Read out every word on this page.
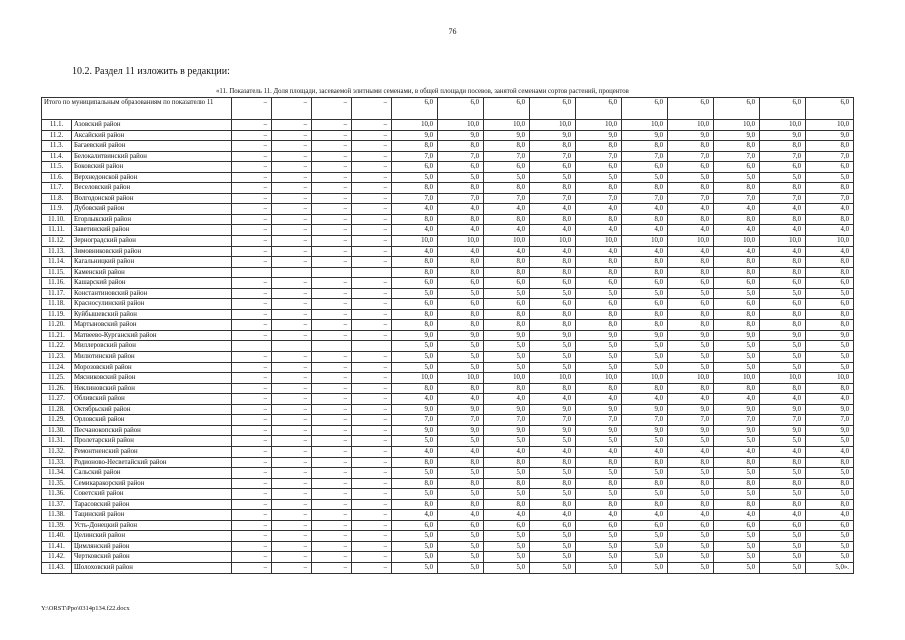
76
10.2. Раздел 11 изложить в редакции:
«11. Показатель 11. Доля площади, засеваемой элитными семенами, в общей площади посевов, занятой семенами сортов растений, процентов
Итого по муниципальным образованиям по показателю 11		–	–	–	–	6,0	6,0	6,0	6,0	6,0	6,0	6,0	6,0	6,0	6,0
11.1.	Азовский район	–	–	–	–	10,0	10,0	10,0	10,0	10,0	10,0	10,0	10,0	10,0	10,0
11.2.	Аксайский район	–	–	–	–	9,0	9,0	9,0	9,0	9,0	9,0	9,0	9,0	9,0	9,0
11.3.	Багаевский район	–	–	–	–	8,0	8,0	8,0	8,0	8,0	8,0	8,0	8,0	8,0	8,0
11.4.	Белокалитвинский район	–	–	–	–	7,0	7,0	7,0	7,0	7,0	7,0	7,0	7,0	7,0	7,0
11.5.	Боковский район	–	–	–	–	6,0	6,0	6,0	6,0	6,0	6,0	6,0	6,0	6,0	6,0
11.6.	Верхнедонской район	–	–	–	–	5,0	5,0	5,0	5,0	5,0	5,0	5,0	5,0	5,0	5,0
11.7.	Веселовский район	–	–	–	–	8,0	8,0	8,0	8,0	8,0	8,0	8,0	8,0	8,0	8,0
11.8.	Волгодонской район	–	–	–	–	7,0	7,0	7,0	7,0	7,0	7,0	7,0	7,0	7,0	7,0
11.9.	Дубовский район	–	–	–	–	4,0	4,0	4,0	4,0	4,0	4,0	4,0	4,0	4,0	4,0
11.10.	Егорлыкский район	–	–	–	–	8,0	8,0	8,0	8,0	8,0	8,0	8,0	8,0	8,0	8,0
11.11.	Заветинский район	–	–	–	–	4,0	4,0	4,0	4,0	4,0	4,0	4,0	4,0	4,0	4,0
11.12.	Зерноградский район	–	–	–	–	10,0	10,0	10,0	10,0	10,0	10,0	10,0	10,0	10,0	10,0
11.13.	Зимовниковский район	–	–	–	–	4,0	4,0	4,0	4,0	4,0	4,0	4,0	4,0	4,0	4,0
11.14.	Кагальницкий район	–	–	–	–	8,0	8,0	8,0	8,0	8,0	8,0	8,0	8,0	8,0	8,0
11.15.	Каменский район					8,0	8,0	8,0	8,0	8,0	8,0	8,0	8,0	8,0	8,0
11.16.	Кашарский район	–	–	–	–	6,0	6,0	6,0	6,0	6,0	6,0	6,0	6,0	6,0	6,0
11.17.	Константиновский район	–	–	–	–	5,0	5,0	5,0	5,0	5,0	5,0	5,0	5,0	5,0	5,0
11.18.	Красносулинский район	–	–	–	–	6,0	6,0	6,0	6,0	6,0	6,0	6,0	6,0	6,0	6,0
11.19.	Куйбышевский район	–	–	–	–	8,0	8,0	8,0	8,0	8,0	8,0	8,0	8,0	8,0	8,0
11.20.	Мартыновский район	–	–	–	–	8,0	8,0	8,0	8,0	8,0	8,0	8,0	8,0	8,0	8,0
11.21.	Матвеево-Курганский район	–	–	–	–	9,0	9,0	9,0	9,0	9,0	9,0	9,0	9,0	9,0	9,0
11.22.	Миллеровский район					5,0	5,0	5,0	5,0	5,0	5,0	5,0	5,0	5,0	5,0
11.23.	Милютинский район	–	–	–	–	5,0	5,0	5,0	5,0	5,0	5,0	5,0	5,0	5,0	5,0
11.24.	Морозовский район	–	–	–	–	5,0	5,0	5,0	5,0	5,0	5,0	5,0	5,0	5,0	5,0
11.25.	Мясниковский район	–	–	–	–	10,0	10,0	10,0	10,0	10,0	10,0	10,0	10,0	10,0	10,0
11.26.	Неклиновский район	–	–	–	–	8,0	8,0	8,0	8,0	8,0	8,0	8,0	8,0	8,0	8,0
11.27.	Обливский район	–	–	–	–	4,0	4,0	4,0	4,0	4,0	4,0	4,0	4,0	4,0	4,0
11.28.	Октябрьский район	–	–	–	–	9,0	9,0	9,0	9,0	9,0	9,0	9,0	9,0	9,0	9,0
11.29.	Орловский район	–	–	–	–	7,0	7,0	7,0	7,0	7,0	7,0	7,0	7,0	7,0	7,0
11.30.	Песчанокопский район	–	–	–	–	9,0	9,0	9,0	9,0	9,0	9,0	9,0	9,0	9,0	9,0
11.31.	Пролетарский район	–	–	–	–	5,0	5,0	5,0	5,0	5,0	5,0	5,0	5,0	5,0	5,0
11.32.	Ремонтненский район	–	–	–	–	4,0	4,0	4,0	4,0	4,0	4,0	4,0	4,0	4,0	4,0
11.33.	Родионово-Несветайский район	–	–	–	–	8,0	8,0	8,0	8,0	8,0	8,0	8,0	8,0	8,0	8,0
11.34.	Сальский район	–	–	–	–	5,0	5,0	5,0	5,0	5,0	5,0	5,0	5,0	5,0	5,0
11.35.	Семикаракорский район	–	–	–	–	8,0	8,0	8,0	8,0	8,0	8,0	8,0	8,0	8,0	8,0
11.36.	Советский район	–	–	–	–	5,0	5,0	5,0	5,0	5,0	5,0	5,0	5,0	5,0	5,0
11.37.	Тарасовский район	–	–	–	–	8,0	8,0	8,0	8,0	8,0	8,0	8,0	8,0	8,0	8,0
11.38.	Тацинский район	–	–	–	–	4,0	4,0	4,0	4,0	4,0	4,0	4,0	4,0	4,0	4,0
11.39.	Усть-Донецкий район	–	–	–	–	6,0	6,0	6,0	6,0	6,0	6,0	6,0	6,0	6,0	6,0
11.40.	Целинский район	–	–	–	–	5,0	5,0	5,0	5,0	5,0	5,0	5,0	5,0	5,0	5,0
11.41.	Цимлянский район	–	–	–	–	5,0	5,0	5,0	5,0	5,0	5,0	5,0	5,0	5,0	5,0
11.42.	Чертковский район	–	–	–	–	5,0	5,0	5,0	5,0	5,0	5,0	5,0	5,0	5,0	5,0
11.43.	Шолоховский район	–	–	–	–	5,0	5,0	5,0	5,0	5,0	5,0	5,0	5,0	5,0	5,0».
Y:\ORST\Ppo\0314p134.f22.docx
